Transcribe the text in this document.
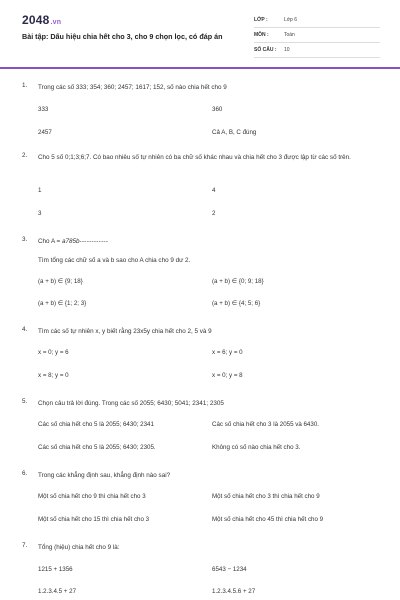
2048.vn
Bài tập: Dấu hiệu chia hết cho 3, cho 9 chọn lọc, có đáp án
LỚP :	Lớp 6
MÔN :	Toán
SỐ CÂU : 10
1. Trong các số 333; 354; 360; 2457; 1617; 152, số nào chia hết cho 9
333	360
2457	Cả A, B, C đúng
2. Cho 5 số 0;1;3;6;7. Có bao nhiêu số tự nhiên có ba chữ số khác nhau và chia hết cho 3 được lập từ các số trên.
1	4
3	2
3. Cho A = a785b------------
Tìm tổng các chữ số a và b sao cho A chia cho 9 dư 2.
(a + b) ∈ {9; 18}	(a + b) ∈ {0; 9; 18}
(a + b) ∈ {1; 2; 3}	(a + b) ∈ {4; 5; 6}
4. Tìm các số tự nhiên x, y biết rằng 23x5y chia hết cho 2, 5 và 9
x = 0; y = 6	x = 6; y = 0
x = 8; y = 0	x = 0; y = 8
5. Chọn câu trả lời đúng. Trong các số 2055; 6430; 5041; 2341; 2305
Các số chia hết cho 5 là 2055; 6430; 2341	Các số chia hết cho 3 là 2055 và 6430.
Các số chia hết cho 5 là 2055; 6430; 2305.	Không có số nào chia hết cho 3.
6. Trong các khẳng định sau, khẳng định nào sai?
Một số chia hết cho 9 thì chia hết cho 3	Một số chia hết cho 3 thì chia hết cho 9
Một số chia hết cho 15 thì chia hết cho 3	Một số chia hết cho 45 thì chia hết cho 9
7. Tổng (hiệu) chia hết cho 9 là:
1215 + 1356	6543 − 1234
1.2.3.4.5 + 27	1.2.3.4.5.6 + 27
